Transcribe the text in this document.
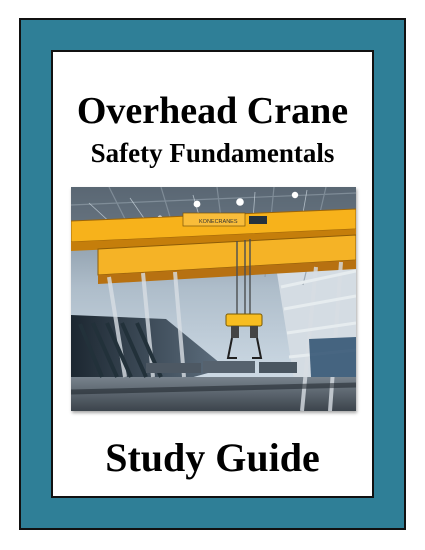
Overhead Crane
Safety Fundamentals
KONECRANES
Study Guide
